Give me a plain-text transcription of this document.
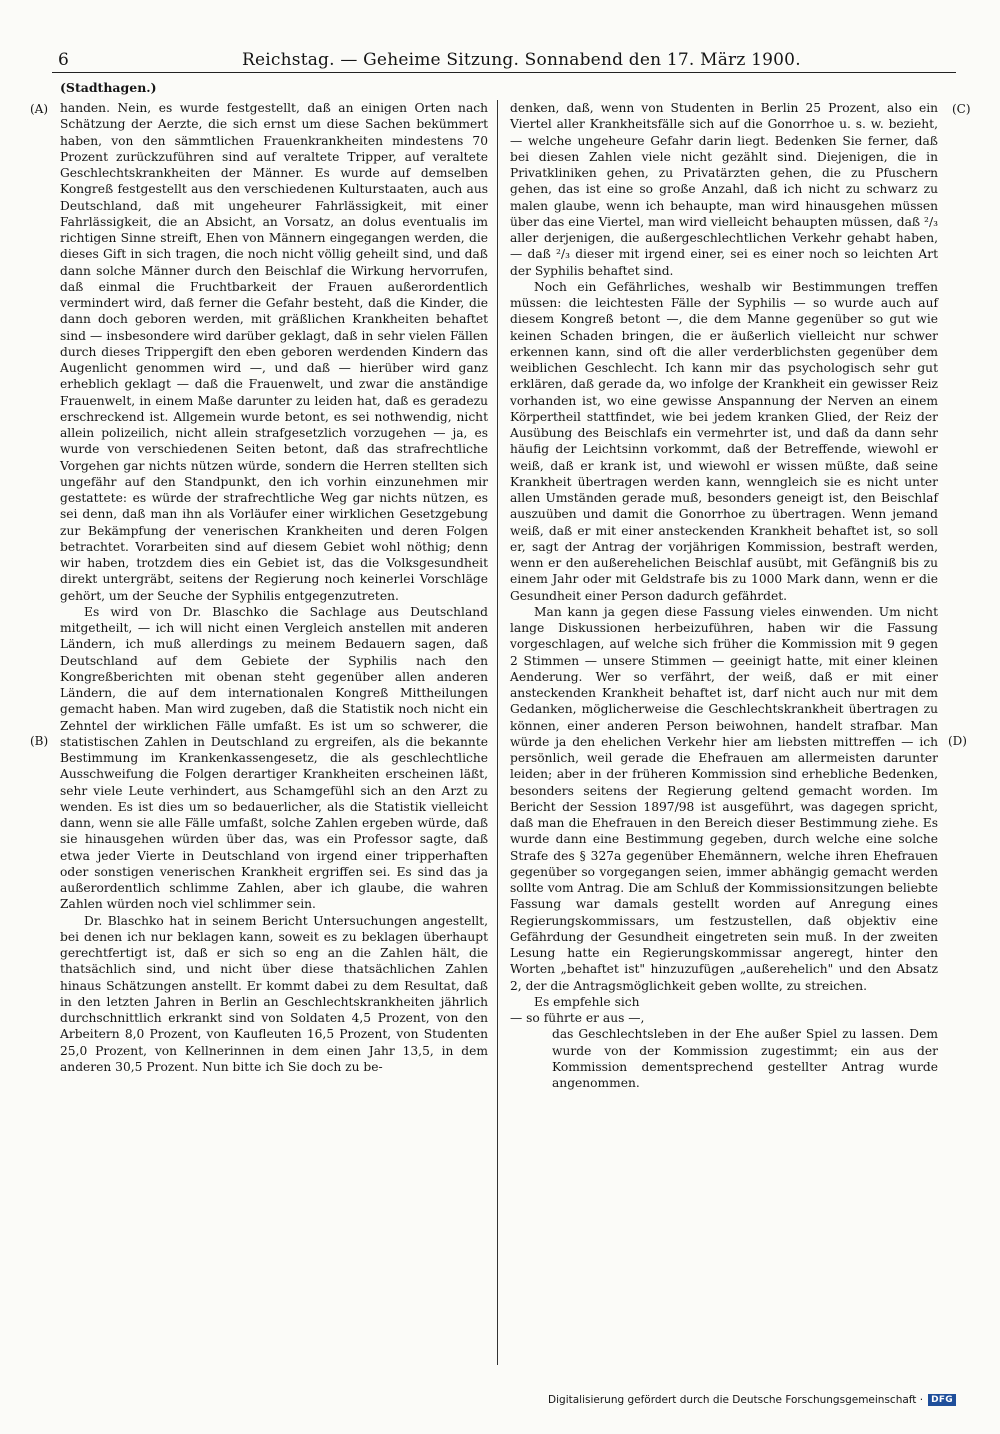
6	Reichstag. — Geheime Sitzung. Sonnabend den 17. März 1900.
(Stadthagen.)
(A)
(B)
(C)
(D)

handen. Nein, es wurde festgestellt, daß an einigen Orten nach Schätzung der Aerzte, die sich ernst um diese Sachen bekümmert haben, von den sämmtlichen Frauenkrankheiten mindestens 70 Prozent zurückzuführen sind auf veraltete Tripper, auf veraltete Geschlechtskrankheiten der Männer. Es wurde auf demselben Kongreß festgestellt aus den verschiedenen Kulturstaaten, auch aus Deutschland, daß mit ungeheurer Fahrlässigkeit, mit einer Fahrlässigkeit, die an Absicht, an Vorsatz, an dolus eventualis im richtigen Sinne streift, Ehen von Männern eingegangen werden, die dieses Gift in sich tragen, die noch nicht völlig geheilt sind, und daß dann solche Männer durch den Beischlaf die Wirkung hervorrufen, daß einmal die Fruchtbarkeit der Frauen außerordentlich vermindert wird, daß ferner die Gefahr besteht, daß die Kinder, die dann doch geboren werden, mit gräßlichen Krankheiten behaftet sind — insbesondere wird darüber geklagt, daß in sehr vielen Fällen durch dieses Trippergift den eben geboren werdenden Kindern das Augenlicht genommen wird —, und daß — hierüber wird ganz erheblich geklagt — daß die Frauenwelt, und zwar die anständige Frauenwelt, in einem Maße darunter zu leiden hat, daß es geradezu erschreckend ist. Allgemein wurde betont, es sei nothwendig, nicht allein polizeilich, nicht allein strafgesetzlich vorzugehen — ja, es wurde von verschiedenen Seiten betont, daß das strafrechtliche Vorgehen gar nichts nützen würde, sondern die Herren stellten sich ungefähr auf den Standpunkt, den ich vorhin einzunehmen mir gestattete: es würde der strafrechtliche Weg gar nichts nützen, es sei denn, daß man ihn als Vorläufer einer wirklichen Gesetzgebung zur Bekämpfung der venerischen Krankheiten und deren Folgen betrachtet. Vorarbeiten sind auf diesem Gebiet wohl nöthig; denn wir haben, trotzdem dies ein Gebiet ist, das die Volksgesundheit direkt untergräbt, seitens der Regierung noch keinerlei Vorschläge gehört, um der Seuche der Syphilis entgegenzutreten.

Es wird von Dr. Blaschko die Sachlage aus Deutschland mitgetheilt, — ich will nicht einen Vergleich anstellen mit anderen Ländern, ich muß allerdings zu meinem Bedauern sagen, daß Deutschland auf dem Gebiete der Syphilis nach den Kongreßberichten mit obenan steht gegenüber allen anderen Ländern, die auf dem internationalen Kongreß Mittheilungen gemacht haben. Man wird zugeben, daß die Statistik noch nicht ein Zehntel der wirklichen Fälle umfaßt. Es ist um so schwerer, die statistischen Zahlen in Deutschland zu ergreifen, als die bekannte Bestimmung im Krankenkassengesetz, die als geschlechtliche Ausschweifung die Folgen derartiger Krankheiten erscheinen läßt, sehr viele Leute verhindert, aus Schamgefühl sich an den Arzt zu wenden. Es ist dies um so bedauerlicher, als die Statistik vielleicht dann, wenn sie alle Fälle umfaßt, solche Zahlen ergeben würde, daß sie hinausgehen würden über das, was ein Professor sagte, daß etwa jeder Vierte in Deutschland von irgend einer tripperhaften oder sonstigen venerischen Krankheit ergriffen sei. Es sind das ja außerordentlich schlimme Zahlen, aber ich glaube, die wahren Zahlen würden noch viel schlimmer sein.

Dr. Blaschko hat in seinem Bericht Untersuchungen angestellt, bei denen ich nur beklagen kann, soweit es zu beklagen überhaupt gerechtfertigt ist, daß er sich so eng an die Zahlen hält, die thatsächlich sind, und nicht über diese thatsächlichen Zahlen hinaus Schätzungen anstellt. Er kommt dabei zu dem Resultat, daß in den letzten Jahren in Berlin an Geschlechtskrankheiten jährlich durchschnittlich erkrankt sind von Soldaten 4,5 Prozent, von den Arbeitern 8,0 Prozent, von Kaufleuten 16,5 Prozent, von Studenten 25,0 Prozent, von Kellnerinnen in dem einen Jahr 13,5, in dem anderen 30,5 Prozent. Nun bitte ich Sie doch zu be-

denken, daß, wenn von Studenten in Berlin 25 Prozent, also ein Viertel aller Krankheitsfälle sich auf die Gonorrhoe u. s. w. bezieht, — welche ungeheure Gefahr darin liegt. Bedenken Sie ferner, daß bei diesen Zahlen viele nicht gezählt sind. Diejenigen, die in Privatkliniken gehen, zu Privatärzten gehen, die zu Pfuschern gehen, das ist eine so große Anzahl, daß ich nicht zu schwarz zu malen glaube, wenn ich behaupte, man wird hinausgehen müssen über das eine Viertel, man wird vielleicht behaupten müssen, daß ²/₃ aller derjenigen, die außergeschlechtlichen Verkehr gehabt haben, — daß ²/₃ dieser mit irgend einer, sei es einer noch so leichten Art der Syphilis behaftet sind.

Noch ein Gefährliches, weshalb wir Bestimmungen treffen müssen: die leichtesten Fälle der Syphilis — so wurde auch auf diesem Kongreß betont —, die dem Manne gegenüber so gut wie keinen Schaden bringen, die er äußerlich vielleicht nur schwer erkennen kann, sind oft die aller verderblichsten gegenüber dem weiblichen Geschlecht. Ich kann mir das psychologisch sehr gut erklären, daß gerade da, wo infolge der Krankheit ein gewisser Reiz vorhanden ist, wo eine gewisse Anspannung der Nerven an einem Körpertheil stattfindet, wie bei jedem kranken Glied, der Reiz der Ausübung des Beischlafs ein vermehrter ist, und daß da dann sehr häufig der Leichtsinn vorkommt, daß der Betreffende, wiewohl er weiß, daß er krank ist, und wiewohl er wissen müßte, daß seine Krankheit übertragen werden kann, wenngleich sie es nicht unter allen Umständen gerade muß, besonders geneigt ist, den Beischlaf auszuüben und damit die Gonorrhoe zu übertragen. Wenn jemand weiß, daß er mit einer ansteckenden Krankheit behaftet ist, so soll er, sagt der Antrag der vorjährigen Kommission, bestraft werden, wenn er den außerehelichen Beischlaf ausübt, mit Gefängniß bis zu einem Jahr oder mit Geldstrafe bis zu 1000 Mark dann, wenn er die Gesundheit einer Person dadurch gefährdet.

Man kann ja gegen diese Fassung vieles einwenden. Um nicht lange Diskussionen herbeizuführen, haben wir die Fassung vorgeschlagen, auf welche sich früher die Kommission mit 9 gegen 2 Stimmen — unsere Stimmen — geeinigt hatte, mit einer kleinen Aenderung. Wer so verfährt, der weiß, daß er mit einer ansteckenden Krankheit behaftet ist, darf nicht auch nur mit dem Gedanken, möglicherweise die Geschlechtskrankheit übertragen zu können, einer anderen Person beiwohnen, handelt strafbar. Man würde ja den ehelichen Verkehr hier am liebsten mittreffen — ich persönlich, weil gerade die Ehefrauen am allermeisten darunter leiden; aber in der früheren Kommission sind erhebliche Bedenken, besonders seitens der Regierung geltend gemacht worden. Im Bericht der Session 1897/98 ist ausgeführt, was dagegen spricht, daß man die Ehefrauen in den Bereich dieser Bestimmung ziehe. Es wurde dann eine Bestimmung gegeben, durch welche eine solche Strafe des § 327a gegenüber Ehemännern, welche ihren Ehefrauen gegenüber so vorgegangen seien, immer abhängig gemacht werden sollte vom Antrag. Die am Schluß der Kommissionsitzungen beliebte Fassung war damals gestellt worden auf Anregung eines Regierungskommissars, um festzustellen, daß objektiv eine Gefährdung der Gesundheit eingetreten sein muß. In der zweiten Lesung hatte ein Regierungskommissar angeregt, hinter den Worten „behaftet ist" hinzuzufügen „außerehelich" und den Absatz 2, der die Antragsmöglichkeit geben wollte, zu streichen.

Es empfehle sich

— so führte er aus —,

das Geschlechtsleben in der Ehe außer Spiel zu lassen. Dem wurde von der Kommission zugestimmt; ein aus der Kommission dementsprechend gestellter Antrag wurde angenommen.

Digitalisierung gefördert durch die Deutsche Forschungsgemeinschaft · DFG
